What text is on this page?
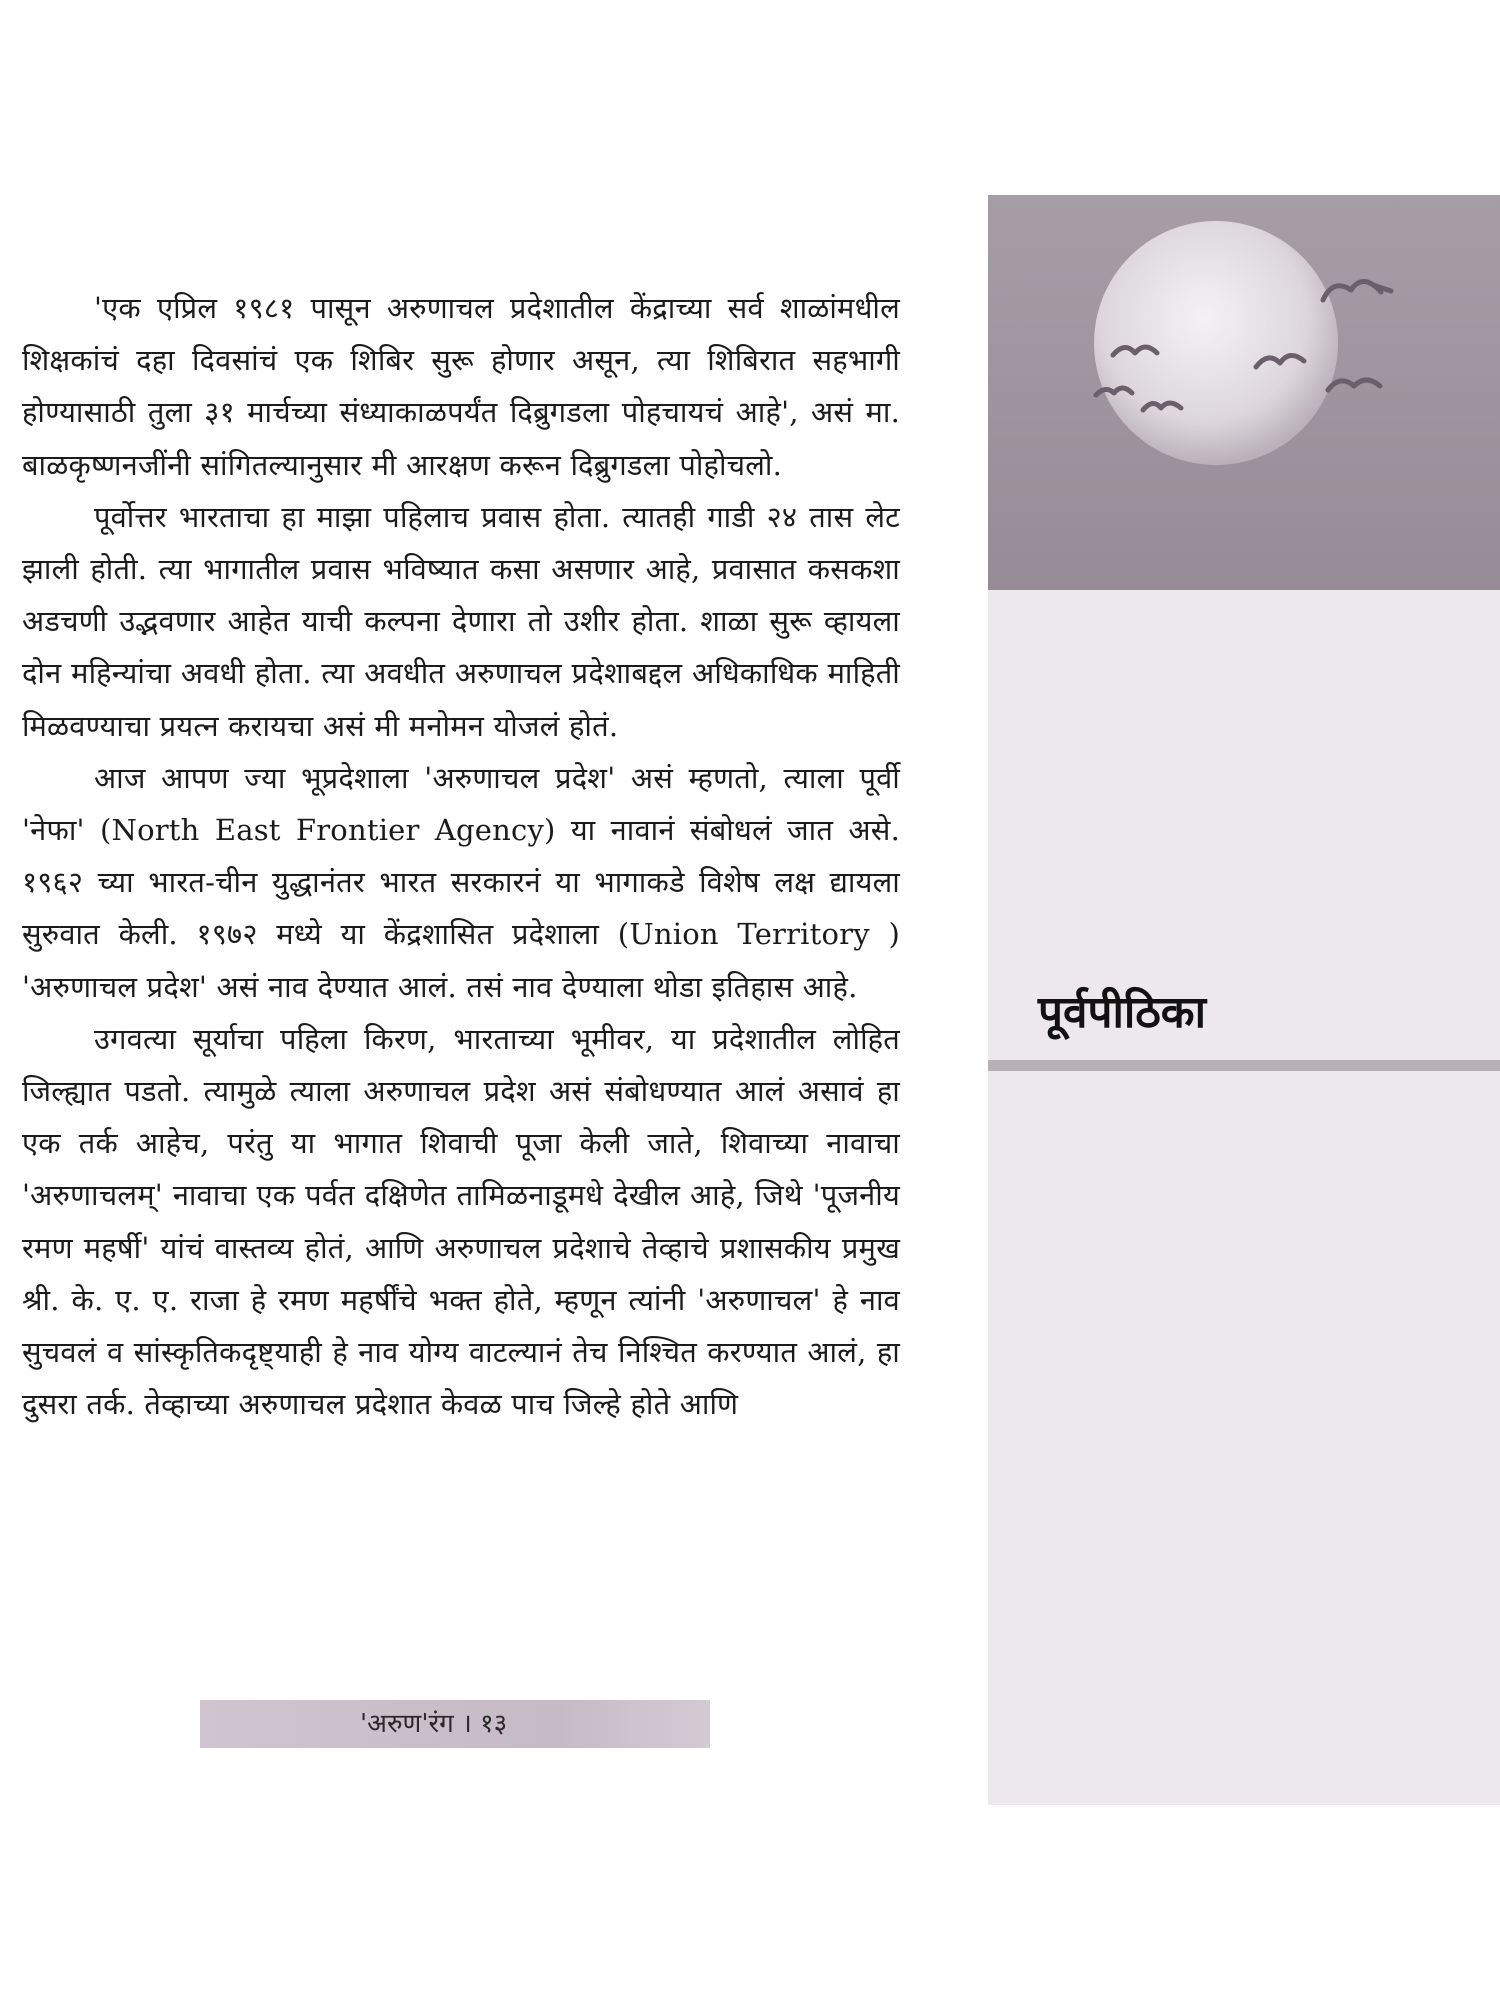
'एक एप्रिल १९८१ पासून अरुणाचल प्रदेशातील केंद्राच्या सर्व शाळांमधील शिक्षकांचं दहा दिवसांचं एक शिबिर सुरू होणार असून, त्या शिबिरात सहभागी होण्यासाठी तुला ३१ मार्चच्या संध्याकाळपर्यंत दिब्रुगडला पोहचायचं आहे', असं मा. बाळकृष्णनजींनी सांगितल्यानुसार मी आरक्षण करून दिब्रुगडला पोहोचलो.

पूर्वोत्तर भारताचा हा माझा पहिलाच प्रवास होता. त्यातही गाडी २४ तास लेट झाली होती. त्या भागातील प्रवास भविष्यात कसा असणार आहे, प्रवासात कसकशा अडचणी उद्भवणार आहेत याची कल्पना देणारा तो उशीर होता. शाळा सुरू व्हायला दोन महिन्यांचा अवधी होता. त्या अवधीत अरुणाचल प्रदेशाबद्दल अधिकाधिक माहिती मिळवण्याचा प्रयत्न करायचा असं मी मनोमन योजलं होतं.

आज आपण ज्या भूप्रदेशाला 'अरुणाचल प्रदेश' असं म्हणतो, त्याला पूर्वी 'नेफा' (North East Frontier Agency) या नावानं संबोधलं जात असे. १९६२ च्या भारत-चीन युद्धानंतर भारत सरकारनं या भागाकडे विशेष लक्ष द्यायला सुरुवात केली. १९७२ मध्ये या केंद्रशासित प्रदेशाला (Union Territory ) 'अरुणाचल प्रदेश' असं नाव देण्यात आलं. तसं नाव देण्याला थोडा इतिहास आहे.

उगवत्या सूर्याचा पहिला किरण, भारताच्या भूमीवर, या प्रदेशातील लोहित जिल्ह्यात पडतो. त्यामुळे त्याला अरुणाचल प्रदेश असं संबोधण्यात आलं असावं हा एक तर्क आहेच, परंतु या भागात शिवाची पूजा केली जाते, शिवाच्या नावाचा 'अरुणाचलम्' नावाचा एक पर्वत दक्षिणेत तामिळनाडूमधे देखील आहे, जिथे 'पूजनीय रमण महर्षी' यांचं वास्तव्य होतं, आणि अरुणाचल प्रदेशाचे तेव्हाचे प्रशासकीय प्रमुख श्री. के. ए. ए. राजा हे रमण महर्षींचे भक्त होते, म्हणून त्यांनी 'अरुणाचल' हे नाव सुचवलं व सांस्कृतिकदृष्ट्याही हे नाव योग्य वाटल्यानं तेच निश्चित करण्यात आलं, हा दुसरा तर्क. तेव्हाच्या अरुणाचल प्रदेशात केवळ पाच जिल्हे होते आणि

'अरुण'रंग । १३
पूर्वपीठिका
